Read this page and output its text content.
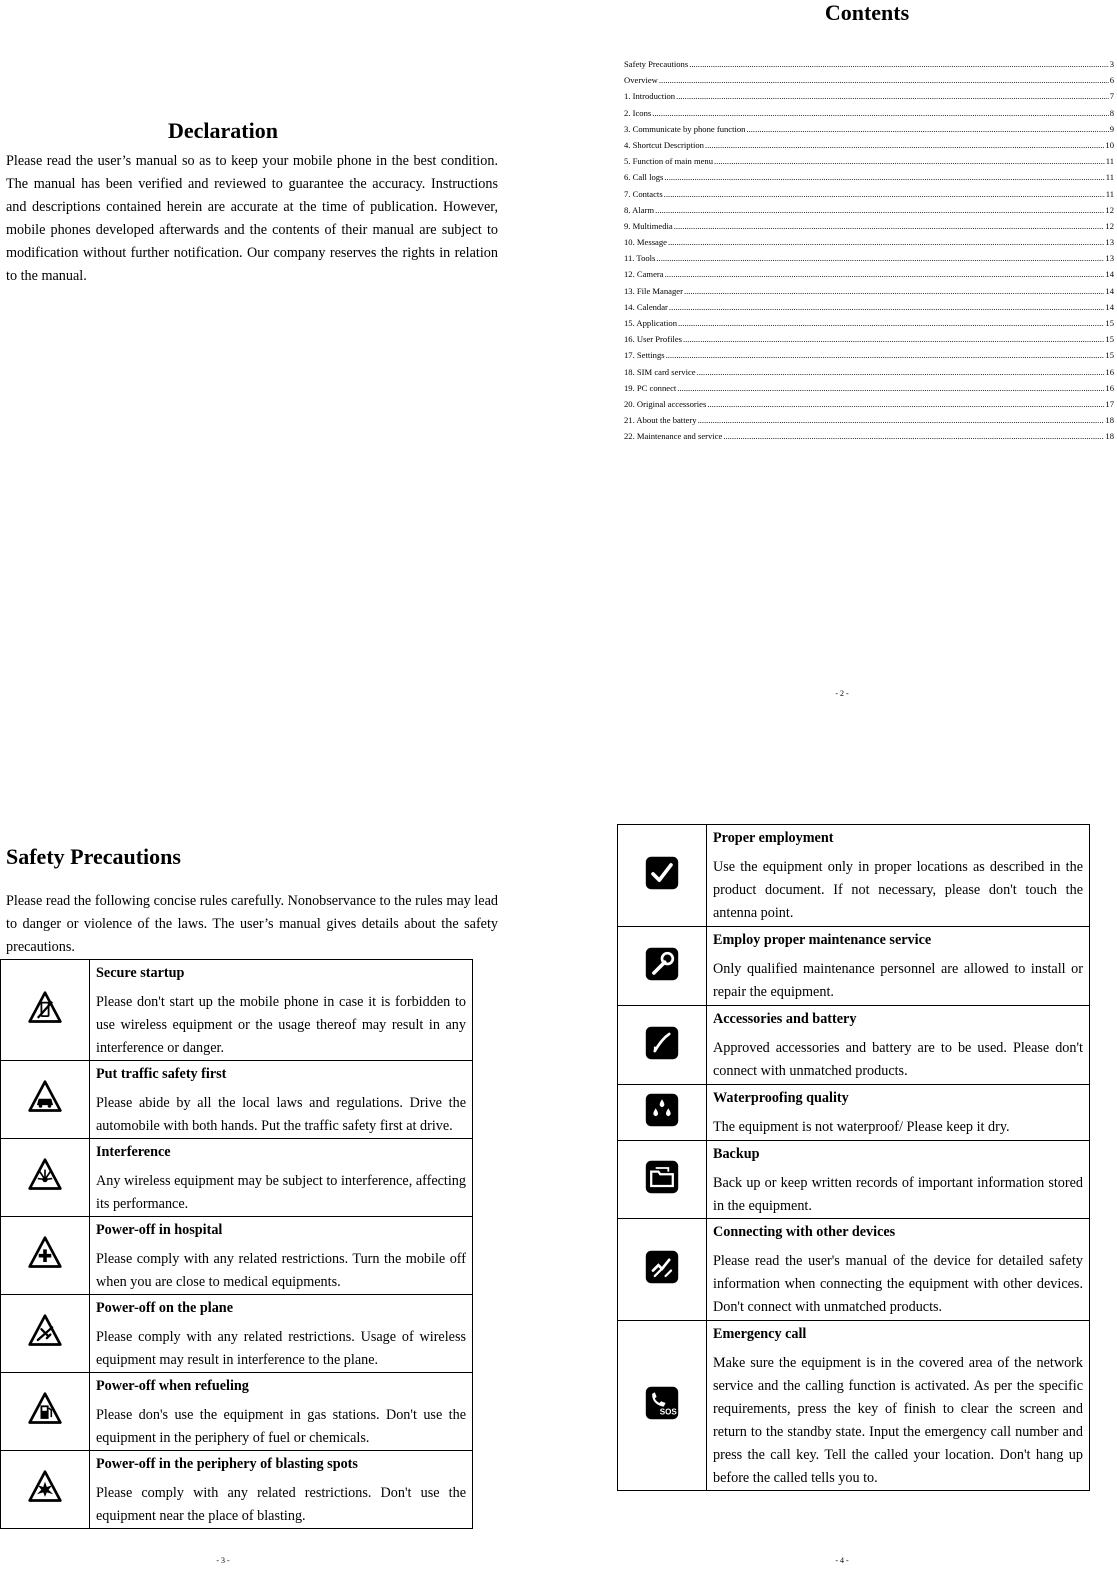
Declaration
Please read the user’s manual so as to keep your mobile phone in the best condition. The manual has been verified and reviewed to guarantee the accuracy. Instructions and descriptions contained herein are accurate at the time of publication. However, mobile phones developed afterwards and the contents of their manual are subject to modification without further notification. Our company reserves the rights in relation to the manual.
Contents
Safety Precautions .....	3
Overview .....	6
1. Introduction .....	7
2. Icons .....	8
3. Communicate by phone function .....	9
4. Shortcut Description .....	10
5. Function of main menu .....	11
6. Call logs .....	11
7. Contacts .....	11
8. Alarm .....	12
9. Multimedia .....	12
10. Message .....	13
11. Tools .....	13
12. Camera .....	14
13. File Manager .....	14
14. Calendar .....	14
15. Application .....	15
16. User Profiles .....	15
17. Settings .....	15
18. SIM card service .....	16
19. PC connect .....	16
20. Original accessories .....	17
21. About the battery .....	18
22. Maintenance and service .....	18
- 2 -
Safety Precautions
Please read the following concise rules carefully. Nonobservance to the rules may lead to danger or violence of the laws. The user’s manual gives details about the safety precautions.

Secure startup

Please don't start up the mobile phone in case it is forbidden to use wireless equipment or the usage thereof may result in any interference or danger.

Put traffic safety first

Please abide by all the local laws and regulations. Drive the automobile with both hands. Put the traffic safety first at drive.

Interference

Any wireless equipment may be subject to interference, affecting its performance.

Power-off in hospital

Please comply with any related restrictions. Turn the mobile off when you are close to medical equipments.

Power-off on the plane

Please comply with any related restrictions. Usage of wireless equipment may result in interference to the plane.

Power-off when refueling

Please don's use the equipment in gas stations. Don't use the equipment in the periphery of fuel or chemicals.

Power-off in the periphery of blasting spots

Please comply with any related restrictions. Don't use the equipment near the place of blasting.

- 3 -

Proper employment

Use the equipment only in proper locations as described in the product document. If not necessary, please don't touch the antenna point.

Employ proper maintenance service

Only qualified maintenance personnel are allowed to install or repair the equipment.

Accessories and battery

Approved accessories and battery are to be used. Please don't connect with unmatched products.

Waterproofing quality

The equipment is not waterproof/ Please keep it dry.

Backup

Back up or keep written records of important information stored in the equipment.

Connecting with other devices

Please read the user's manual of the device for detailed safety information when connecting the equipment with other devices. Don't connect with unmatched products.

SOS	Emergency call

Make sure the equipment is in the covered area of the network service and the calling function is activated. As per the specific requirements, press the key of finish to clear the screen and return to the standby state. Input the emergency call number and press the call key. Tell the called your location. Don't hang up before the called tells you to.

- 4 -
